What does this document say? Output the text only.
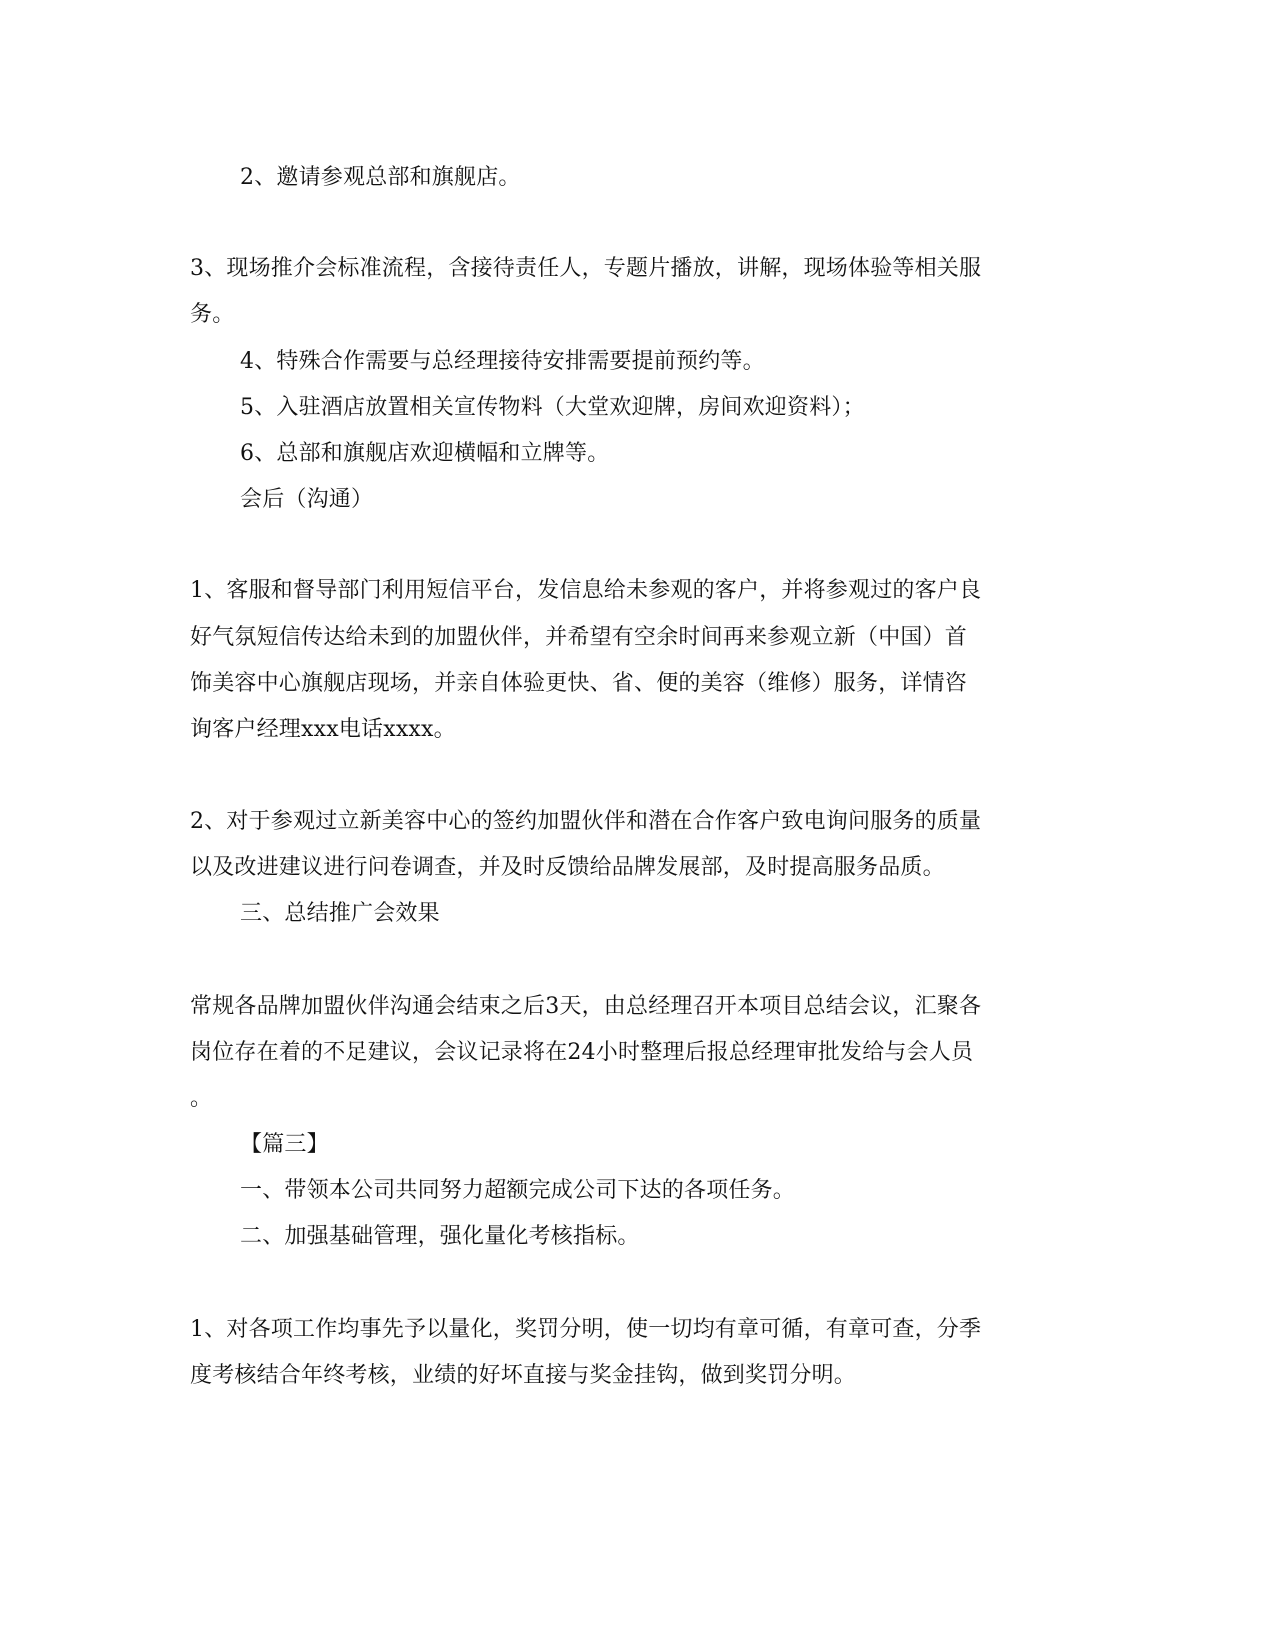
2、邀请参观总部和旗舰店。
3、现场推介会标准流程，含接待责任人，专题片播放，讲解，现场体验等相关服
务。
4、特殊合作需要与总经理接待安排需要提前预约等。
5、入驻酒店放置相关宣传物料（大堂欢迎牌，房间欢迎资料）；
6、总部和旗舰店欢迎横幅和立牌等。
会后（沟通）
1、客服和督导部门利用短信平台，发信息给未参观的客户，并将参观过的客户良
好气氛短信传达给未到的加盟伙伴，并希望有空余时间再来参观立新（中国）首
饰美容中心旗舰店现场，并亲自体验更快、省、便的美容（维修）服务，详情咨
询客户经理xxx电话xxxx。
2、对于参观过立新美容中心的签约加盟伙伴和潜在合作客户致电询问服务的质量
以及改进建议进行问卷调查，并及时反馈给品牌发展部，及时提高服务品质。
三、总结推广会效果
常规各品牌加盟伙伴沟通会结束之后3天，由总经理召开本项目总结会议，汇聚各
岗位存在着的不足建议，会议记录将在24小时整理后报总经理审批发给与会人员
。
【篇三】
一、带领本公司共同努力超额完成公司下达的各项任务。
二、加强基础管理，强化量化考核指标。
1、对各项工作均事先予以量化，奖罚分明，使一切均有章可循，有章可查，分季
度考核结合年终考核，业绩的好坏直接与奖金挂钩，做到奖罚分明。
